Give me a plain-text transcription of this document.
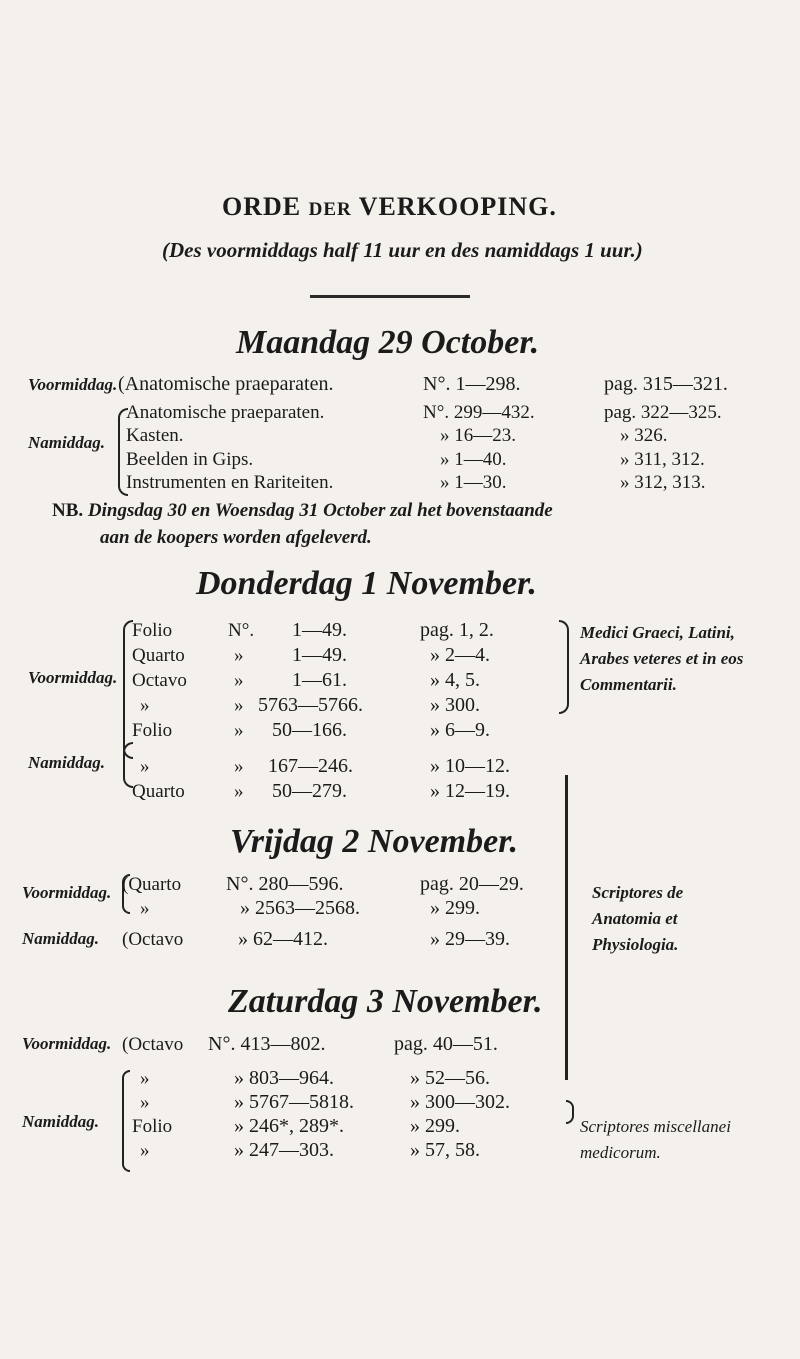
ORDE DER VERKOOPING.
(Des voormiddags half 11 uur en des namiddags 1 uur.)
Maandag 29 October.
Voormiddag.
Namiddag.
(Anatomische praeparaten.	N°. 1—298.	pag. 315—321.
Anatomische praeparaten.	N°. 299—432.	pag. 322—325.
Kasten.	» 16—23.	» 326.
Beelden in Gips.	» 1—40.	» 311, 312.
Instrumenten en Rariteiten.	» 1—30.	» 312, 313.
NB. Dingsdag 30 en Woensdag 31 October zal het bovenstaande
aan de koopers worden afgeleverd.
Donderdag 1 November.
Voormiddag.
Namiddag.
Folio	N°. 1—49.	pag. 1, 2.
Quarto	» 1—49.	» 2—4.
Octavo » 1—61.	» 4, 5.
»	» 5763—5766.	» 300.
Folio	» 50—166.	» 6—9.
»	» 167—246.	» 10—12.
Quarto	» 50—279.	» 12—19.
Medici Graeci, Latini, Arabes veteres et in eos Commentarii.
Vrijdag 2 November.
Voormiddag.
Namiddag.
(Quarto N°. 280—596.	pag. 20—29.
»	» 2563—2568.	» 299.
(Octavo	» 62—412.	» 29—39.
Scriptores de Anatomia et Physiologia.
Zaturdag 3 November.
Voormiddag.
Namiddag.
(Octavo N°. 413—802.	pag. 40—51.
»	» 803—964.	» 52—56.
»	» 5767—5818.	» 300—302.
Folio	» 246*, 289*.	» 299.
»	» 247—303.	» 57, 58.
Scriptores miscellanei medicorum.
